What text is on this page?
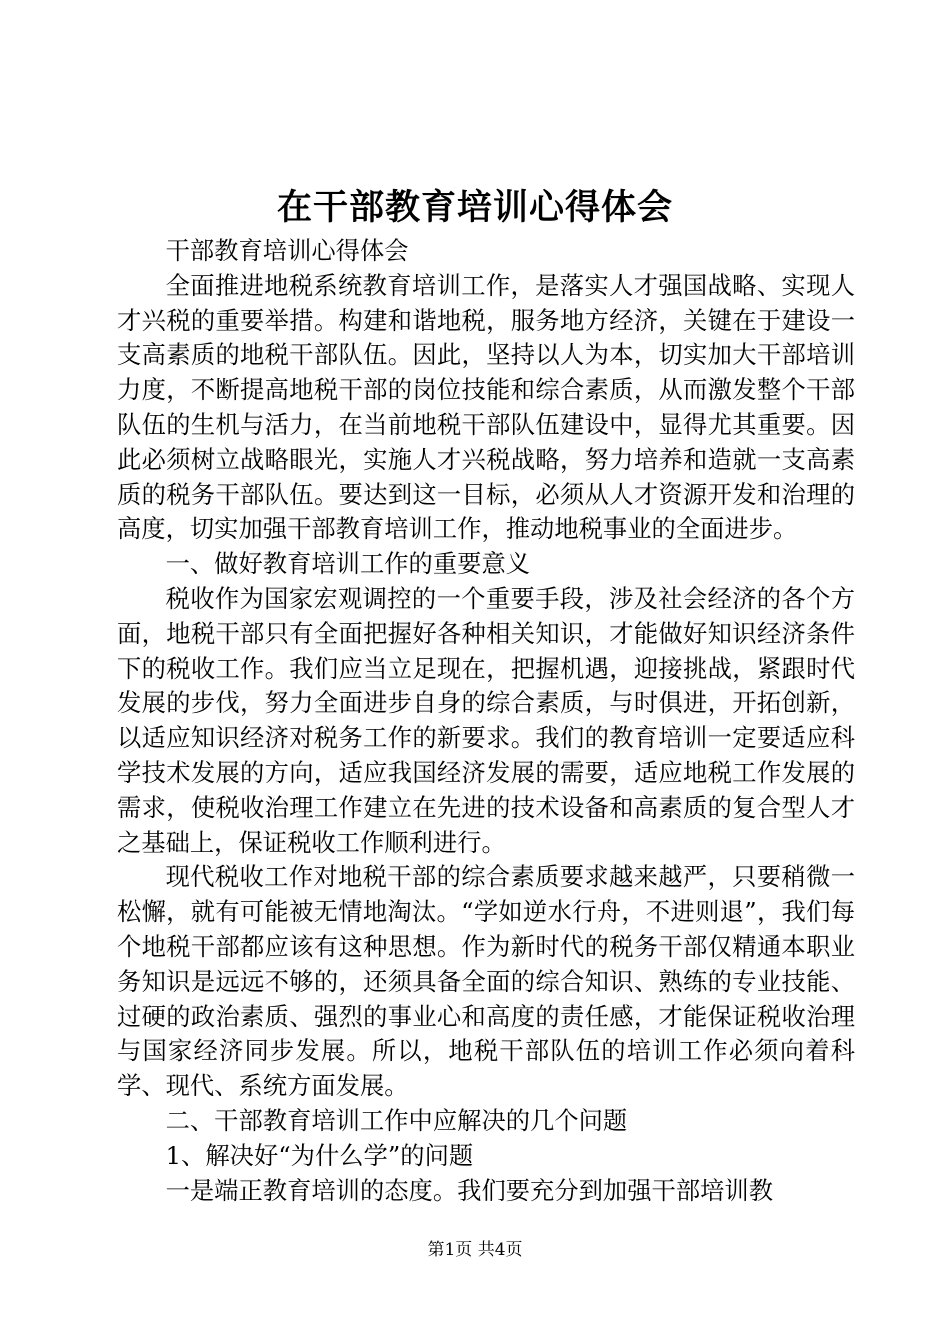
在干部教育培训心得体会

干部教育培训心得体会

全面推进地税系统教育培训工作，是落实人才强国战略、实现人才兴税的重要举措。构建和谐地税，服务地方经济，关键在于建设一支高素质的地税干部队伍。因此，坚持以人为本，切实加大干部培训力度，不断提高地税干部的岗位技能和综合素质，从而激发整个干部队伍的生机与活力，在当前地税干部队伍建设中，显得尤其重要。因此必须树立战略眼光，实施人才兴税战略，努力培养和造就一支高素质的税务干部队伍。要达到这一目标，必须从人才资源开发和治理的高度，切实加强干部教育培训工作，推动地税事业的全面进步。

一、做好教育培训工作的重要意义

税收作为国家宏观调控的一个重要手段，涉及社会经济的各个方面，地税干部只有全面把握好各种相关知识，才能做好知识经济条件下的税收工作。我们应当立足现在，把握机遇，迎接挑战，紧跟时代发展的步伐，努力全面进步自身的综合素质，与时俱进，开拓创新，以适应知识经济对税务工作的新要求。我们的教育培训一定要适应科学技术发展的方向，适应我国经济发展的需要，适应地税工作发展的需求，使税收治理工作建立在先进的技术设备和高素质的复合型人才之基础上，保证税收工作顺利进行。

现代税收工作对地税干部的综合素质要求越来越严，只要稍微一松懈，就有可能被无情地淘汰。“学如逆水行舟，不进则退”，我们每个地税干部都应该有这种思想。作为新时代的税务干部仅精通本职业务知识是远远不够的，还须具备全面的综合知识、熟练的专业技能、过硬的政治素质、强烈的事业心和高度的责任感，才能保证税收治理与国家经济同步发展。所以，地税干部队伍的培训工作必须向着科学、现代、系统方面发展。

二、干部教育培训工作中应解决的几个问题

1、解决好“为什么学”的问题

一是端正教育培训的态度。我们要充分到加强干部培训教

第1页 共4页
